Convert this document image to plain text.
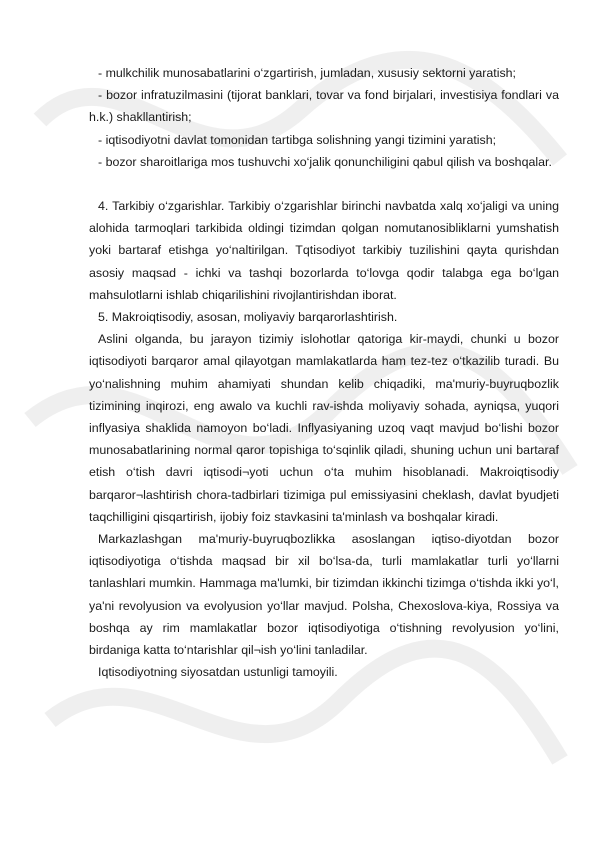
- mulkchilik munosabatlarini o‘zgartirish, jumladan, xususiy sektorni yaratish;

- bozor infratuzilmasini (tijorat banklari, tovar va fond birjalari, investisiya fondlari va h.k.) shakllantirish;

- iqtisodiyotni davlat tomonidan tartibga solishning yangi tizimini yaratish;

- bozor sharoitlariga mos tushuvchi xo‘jalik qonunchiligini qabul qilish va boshqalar.

4. Tarkibiy o‘zgarishlar. Tarkibiy o‘zgarishlar birinchi navbatda xalq xo‘jaligi va uning alohida tarmoqlari tarkibida oldingi tizimdan qolgan nomutanosibliklarni yumshatish yoki bartaraf etishga yo‘naltirilgan. Tqtisodiyot tarkibiy tuzilishini qayta qurishdan asosiy maqsad - ichki va tashqi bozorlarda to‘lovga qodir talabga ega bo‘lgan mahsulotlarni ishlab chiqarilishini rivojlantirishdan iborat.

5. Makroiqtisodiy, asosan, moliyaviy barqarorlashtirish.

Aslini olganda, bu jarayon tizimiy islohotlar qatoriga kir-maydi, chunki u bozor iqtisodiyoti barqaror amal qilayotgan mamlakatlarda ham tez-tez o‘tkazilib turadi. Bu yo‘nalishning muhim ahamiyati shundan kelib chiqadiki, ma'muriy-buyruqbozlik tizimining inqirozi, eng awalo va kuchli rav-ishda moliyaviy sohada, ayniqsa, yuqori inflyasiya shaklida namoyon bo‘ladi. Inflyasiyaning uzoq vaqt mavjud bo‘lishi bozor munosabatlarining normal qaror topishiga to‘sqinlik qiladi, shuning uchun uni bartaraf etish o‘tish davri iqtisodi¬yoti uchun o‘ta muhim hisoblanadi. Makroiqtisodiy barqaror¬lashtirish chora-tadbirlari tizimiga pul emissiyasini cheklash, davlat byudjeti taqchilligini qisqartirish, ijobiy foiz stavkasini ta'minlash va boshqalar kiradi.

Markazlashgan ma'muriy-buyruqbozlikka asoslangan iqtiso-diyotdan bozor iqtisodiyotiga o‘tishda maqsad bir xil bo‘lsa-da, turli mamlakatlar turli yo‘llarni tanlashlari mumkin. Hammaga ma'lumki, bir tizimdan ikkinchi tizimga o‘tishda ikki yo‘l, ya'ni revolyusion va evolyusion yo‘llar mavjud. Polsha, Chexoslova-kiya, Rossiya va boshqa ay rim mamlakatlar bozor iqtisodiyotiga o‘tishning revolyusion yo‘lini, birdaniga katta to‘ntarishlar qil¬ish yo‘lini tanladilar.

Iqtisodiyotning siyosatdan ustunligi tamoyili.
